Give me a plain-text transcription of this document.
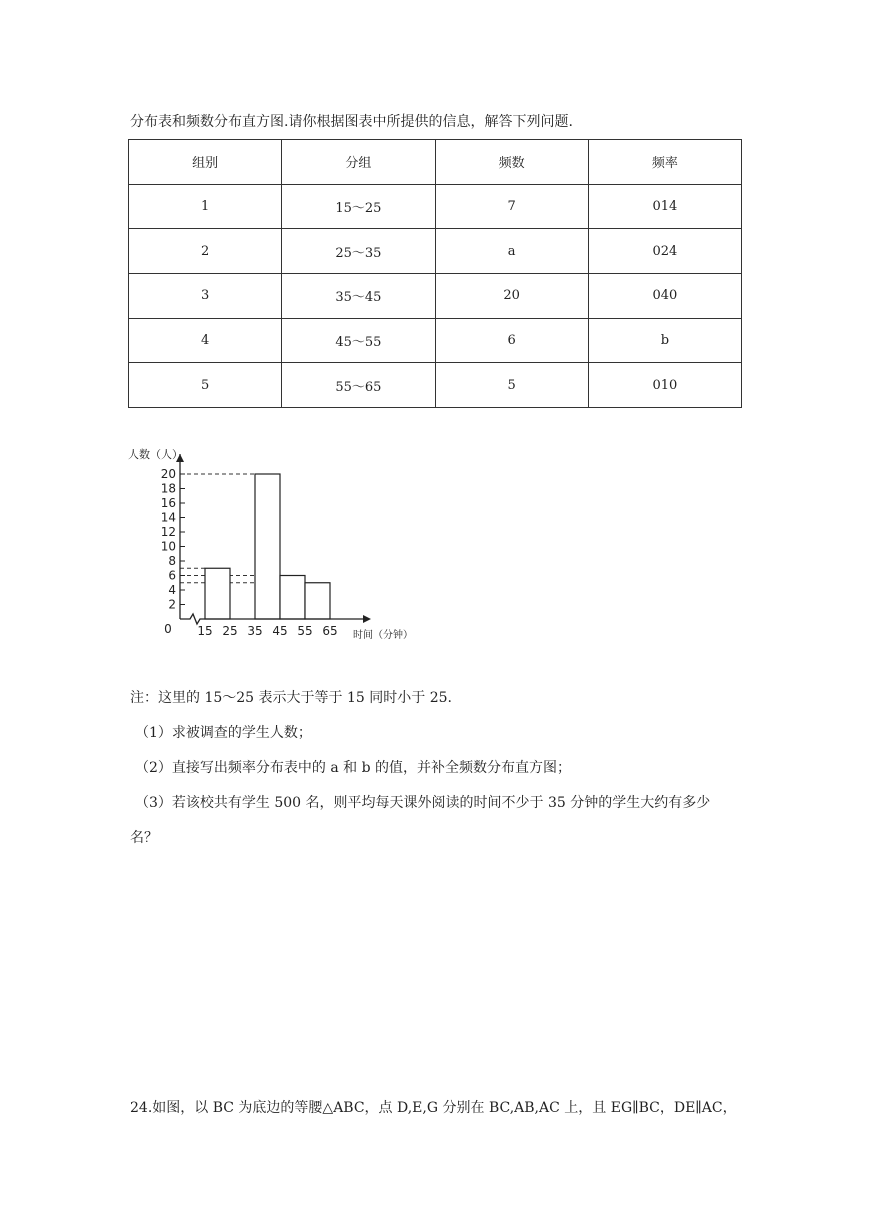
分布表和频数分布直方图.请你根据图表中所提供的信息，解答下列问题.
组别	分组	频数	频率
1	15～25	7	014
2	25～35	a	024
3	35～45	20	040
4	45～55	6	b
5	55～65	5	010
2
4
6
8
10
12
14
16
18
20
15 25 35 45 55 65
0
人数（人）
时间（分钟）
注：这里的 15～25 表示大于等于 15 同时小于 25.
（1）求被调查的学生人数；
（2）直接写出频率分布表中的 a 和 b 的值，并补全频数分布直方图；
（3）若该校共有学生 500 名，则平均每天课外阅读的时间不少于 35 分钟的学生大约有多少
名？
24.如图，以 BC 为底边的等腰△ABC，点 D,E,G 分别在 BC,AB,AC 上，且 EG∥BC，DE∥AC，
